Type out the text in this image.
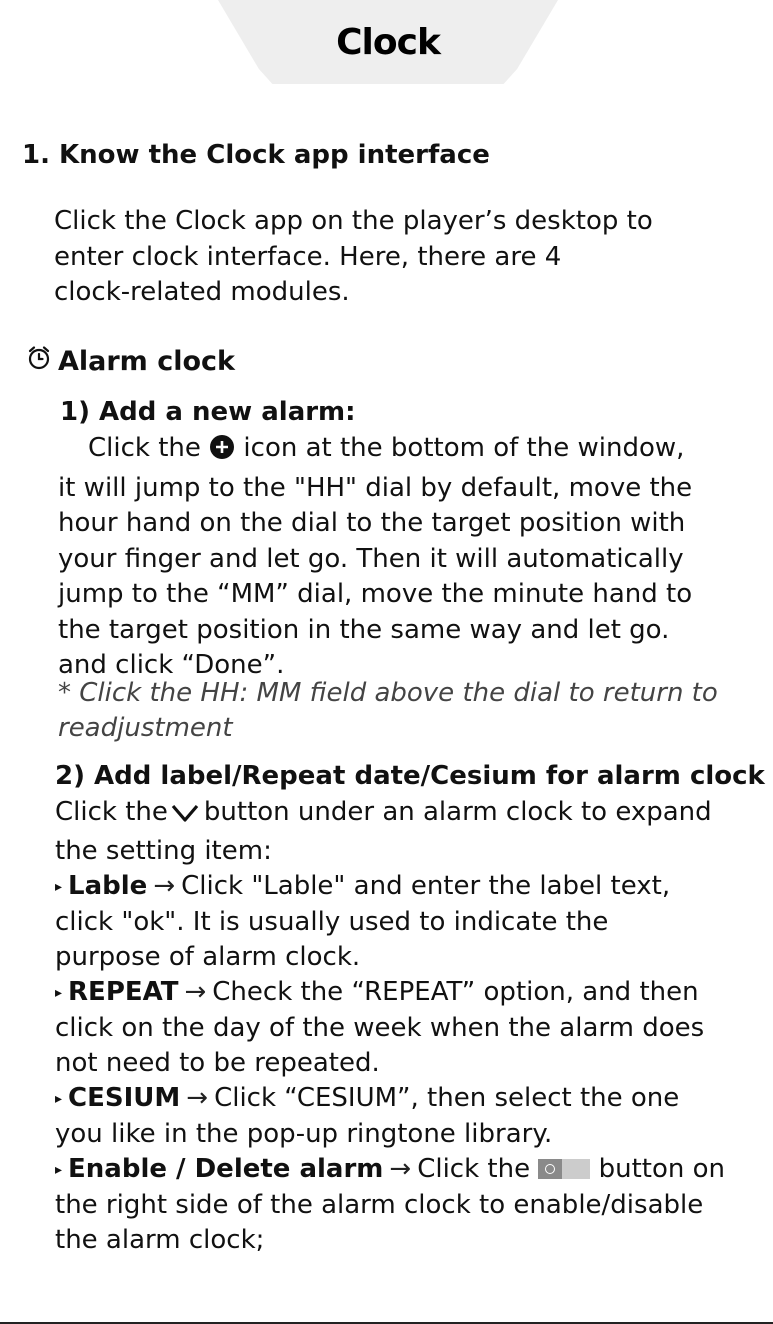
Clock
1. Know the Clock app interface
Click the Clock app on the player’s desktop to
enter clock interface. Here, there are 4
clock-related modules.
Alarm clock
1) Add a new alarm:
Click the icon at the bottom of the window,
it will jump to the "HH" dial by default, move the
hour hand on the dial to the target position with
your finger and let go. Then it will automatically
jump to the “MM” dial, move the minute hand to
the target position in the same way and let go.
and click “Done”.
* Click the HH: MM field above the dial to return to
readjustment
2) Add label/Repeat date/Cesium for alarm clock
Click the button under an alarm clock to expand
the setting item:
▸ Lable → Click "Lable" and enter the label text,
click "ok". It is usually used to indicate the
purpose of alarm clock.
▸ REPEAT → Check the “REPEAT” option, and then
click on the day of the week when the alarm does
not need to be repeated.
▸ CESIUM → Click “CESIUM”, then select the one
you like in the pop-up ringtone library.
▸ Enable / Delete alarm → Click the	button on
the right side of the alarm clock to enable/disable
the alarm clock;
